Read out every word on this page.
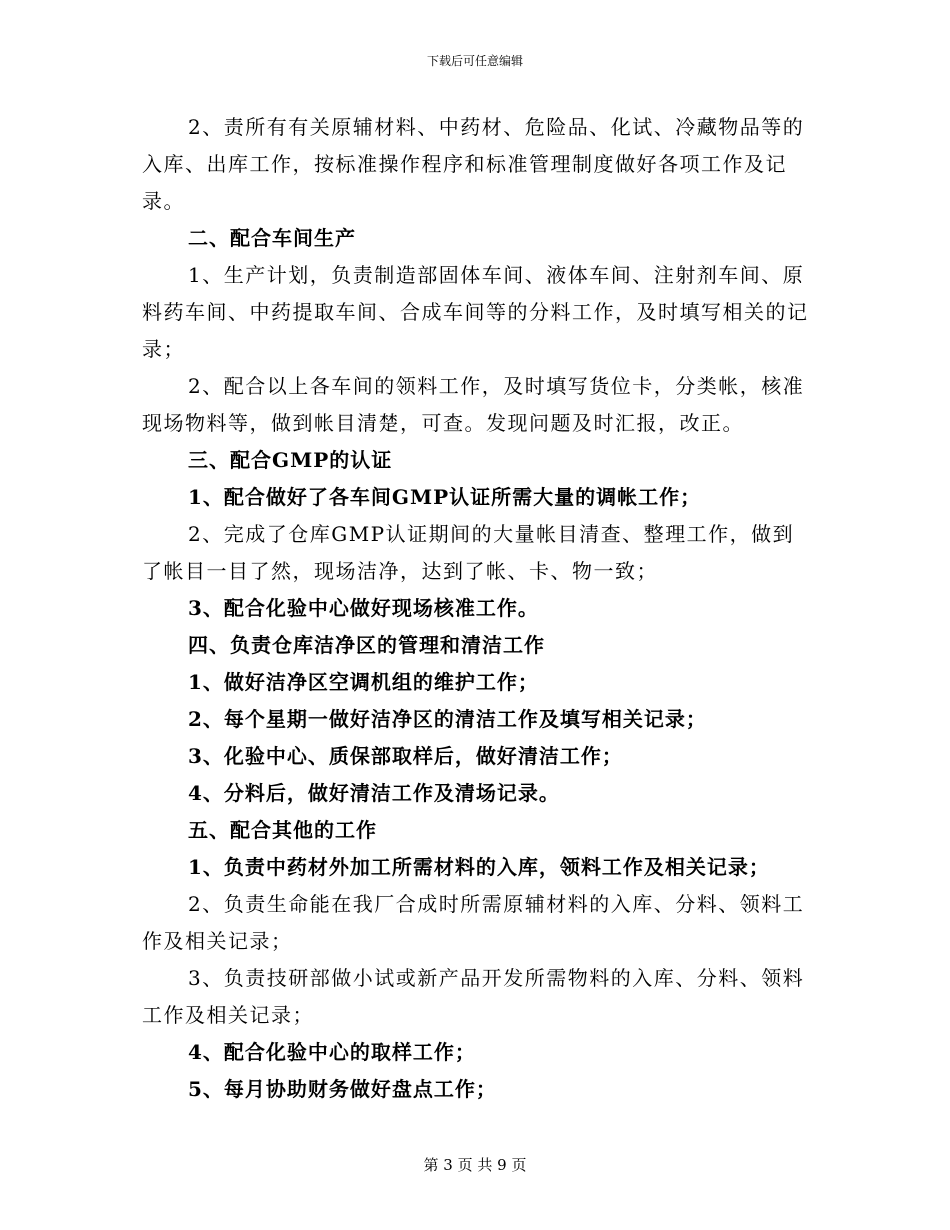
下载后可任意编辑

2、责所有有关原辅材料、中药材、危险品、化试、冷藏物品等的入库、出库工作，按标准操作程序和标准管理制度做好各项工作及记录。

二、配合车间生产

1、生产计划，负责制造部固体车间、液体车间、注射剂车间、原料药车间、中药提取车间、合成车间等的分料工作，及时填写相关的记录；

2、配合以上各车间的领料工作，及时填写货位卡，分类帐，核准现场物料等，做到帐目清楚，可查。发现问题及时汇报，改正。

三、配合GMP的认证

1、配合做好了各车间GMP认证所需大量的调帐工作；

2、完成了仓库GMP认证期间的大量帐目清查、整理工作，做到了帐目一目了然，现场洁净，达到了帐、卡、物一致；

3、配合化验中心做好现场核准工作。

四、负责仓库洁净区的管理和清洁工作

1、做好洁净区空调机组的维护工作；

2、每个星期一做好洁净区的清洁工作及填写相关记录；

3、化验中心、质保部取样后，做好清洁工作；

4、分料后，做好清洁工作及清场记录。

五、配合其他的工作

1、负责中药材外加工所需材料的入库，领料工作及相关记录；

2、负责生命能在我厂合成时所需原辅材料的入库、分料、领料工作及相关记录；

3、负责技研部做小试或新产品开发所需物料的入库、分料、领料工作及相关记录；

4、配合化验中心的取样工作；

5、每月协助财务做好盘点工作；

第 3 页 共 9 页
